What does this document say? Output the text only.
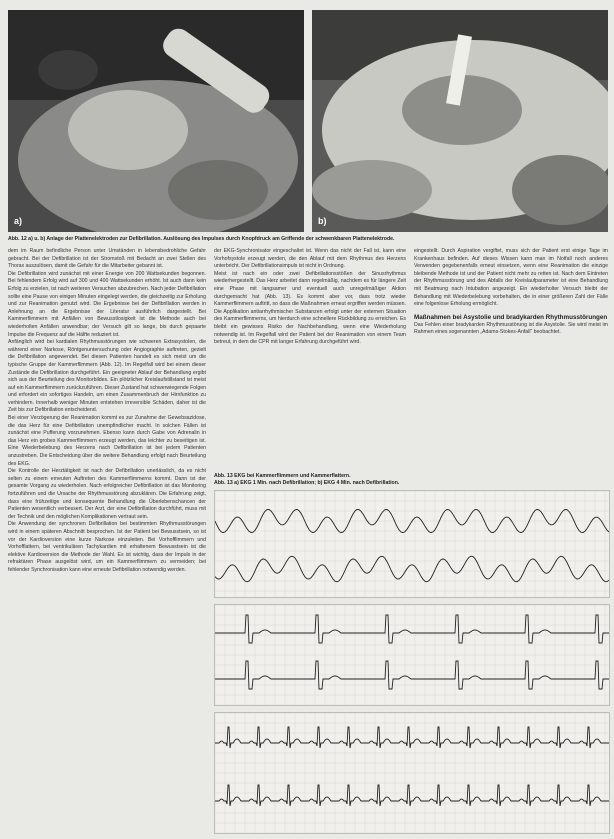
a)	b)
Abb. 12 a) u. b) Anlage der Plattenelektroden zur Defibrillation. Auslösung des Impulses durch Knopfdruck am Griffende der schwenkbaren Plattenelektrode.

dem im Raum befindliche Person unter Umständen in lebensbedrohliche Gefahr gebracht. Bei der Defibrillation ist der Stromstoß mit Bedacht an zwei Stellen des Thorax auszulösen, damit die Gefahr für die Mitarbeiter gebannt ist.

Die Defibrillation wird zunächst mit einer Energie von 200 Wattsekunden begonnen. Bei fehlendem Erfolg wird auf 300 und 400 Wattsekunden erhöht. Ist auch dann kein Erfolg zu erzielen, ist nach weiteren Versuchen abzubrechen. Nach jeder Defibrillation sollte eine Pause von einigen Minuten eingelegt werden, die gleichzeitig zur Erholung und zur Reanimation genutzt wird. Die Ergebnisse bei der Defibrillation werden in Anlehnung an die Ergebnisse der Literatur ausführlich dargestellt. Bei Kammerflimmern mit Anfällen von Bewusstlosigkeit ist die Methode auch bei wiederholten Anfällen anwendbar; der Versuch gilt so lange, bis durch gepaarte Impulse die Frequenz auf die Hälfte reduziert ist.

Anfänglich wird bei kardialen Rhythmusstörungen wie schweren Extrasystolen, die während einer Narkose, Röntgenuntersuchung oder Angiographie auftreten, gezielt die Defibrillation angewendet. Bei diesen Patienten handelt es sich meist um die typische Gruppe der Kammerflimmern (Abb. 12). Im Regelfall wird bei einem dieser Zustände die Defibrillation durchgeführt. Ein geeigneter Ablauf der Behandlung ergibt sich aus der Beurteilung des Monitorbildes. Ein plötzlicher Kreislaufstillstand ist meist auf ein Kammerflimmern zurückzuführen. Dieser Zustand hat schwerwiegende Folgen und erfordert ein sofortiges Handeln, um einen Zusammenbruch der Hirnfunktion zu verhindern. Innerhalb weniger Minuten entstehen irreversible Schäden, daher ist die Zeit bis zur Defibrillation entscheidend.

Bei einer Verzögerung der Reanimation kommt es zur Zunahme der Gewebsazidose, die das Herz für eine Defibrillation unempfindlicher macht. In solchen Fällen ist zunächst eine Pufferung vorzunehmen. Ebenso kann durch Gabe von Adrenalin in das Herz ein grobes Kammerflimmern erzeugt werden, das leichter zu beseitigen ist. Eine Wiederbelebung des Herzens nach Defibrillation ist bei jedem Patienten anzustreben. Die Entscheidung über die weitere Behandlung erfolgt nach Beurteilung des EKG.

Die Kontrolle der Herztätigkeit ist nach der Defibrillation unerlässlich, da es nicht selten zu einem erneuten Auftreten des Kammerflimmerns kommt. Dann ist der gesamte Vorgang zu wiederholen. Nach erfolgreicher Defibrillation ist das Monitoring fortzuführen und die Ursache der Rhythmusstörung abzuklären. Die Erfahrung zeigt, dass eine frühzeitige und konsequente Behandlung die Überlebenschancen der Patienten wesentlich verbessert. Der Arzt, der eine Defibrillation durchführt, muss mit der Technik und den möglichen Komplikationen vertraut sein.

Die Anwendung der synchronen Defibrillation bei bestimmten Rhythmusstörungen wird in einem späteren Abschnitt besprochen. Ist der Patient bei Bewusstsein, so ist vor der Kardioversion eine kurze Narkose einzuleiten. Bei Vorhofflimmern und Vorhofflattern, bei ventrikulären Tachykardien mit erhaltenem Bewusstsein ist die elektive Kardioversion die Methode der Wahl. Es ist wichtig, dass der Impuls in der refraktären Phase ausgelöst wird, um ein Kammerflimmern zu vermeiden; bei fehlender Synchronisation kann eine erneute Defibrillation notwendig werden.

der EKG-Synchronisator eingeschaltet ist. Wenn das nicht der Fall ist, kann eine Vorhofsystole erzeugt werden, die den Ablauf mit dem Rhythmus des Herzens unterbricht. Der Defibrillationsimpuls ist nicht in Ordnung.

Meist ist nach ein oder zwei Defibrillationsstößen der Sinusrhythmus wiederhergestellt. Das Herz arbeitet dann regelmäßig, nachdem es für längere Zeit eine Phase mit langsamer und eventuell auch unregelmäßiger Aktion durchgemacht hat (Abb. 13). Es kommt aber vor, dass trotz wieder Kammerflimmern auftritt, so dass die Maßnahmen erneut ergriffen werden müssen. Die Applikation antiarrhythmischer Substanzen erfolgt unter der externen Situation des Kammerflimmerns, um hierdurch eine schnellere Rückbildung zu erreichen. Es bleibt ein gewisses Risiko der Nachbehandlung, wenn eine Wiederholung notwendig ist. Im Regelfall wird der Patient bei der Reanimation von einem Team betreut, in dem die CPR mit langer Erfahrung durchgeführt wird.

eingestellt. Durch Aspiration vergiftet, muss sich der Patient erst einige Tage im Krankenhaus befinden. Auf dieses Wissen kann man im Notfall noch anderes Verwenden gegebenenfalls erneut einsetzen, wenn eine Reanimation die einzige bleibende Methode ist und der Patient nicht mehr zu retten ist. Nach dem Eintreten der Rhythmusstörung und des Abfalls der Kreislaufparameter ist eine Behandlung mit Beatmung nach Intubation angezeigt. Ein wiederholter Versuch bleibt der Behandlung mit Wiederbelebung vorbehalten, die in einer größeren Zahl der Fälle eine folgenlose Erholung ermöglicht.

Maßnahmen bei Asystolie und bradykarden Rhythmusstörungen

Das Fehlen einer bradykarden Rhythmusstörung ist die Asystolie. Sie wird meist im Rahmen eines sogenannten „Adams-Stokes-Anfall“ beobachtet.

Abb. 13 EKG bei Kammerflimmern und Kammerflattern.
Abb. 13 a) EKG 1 Min. nach Defibrillation; b) EKG 4 Min. nach Defibrillation.
